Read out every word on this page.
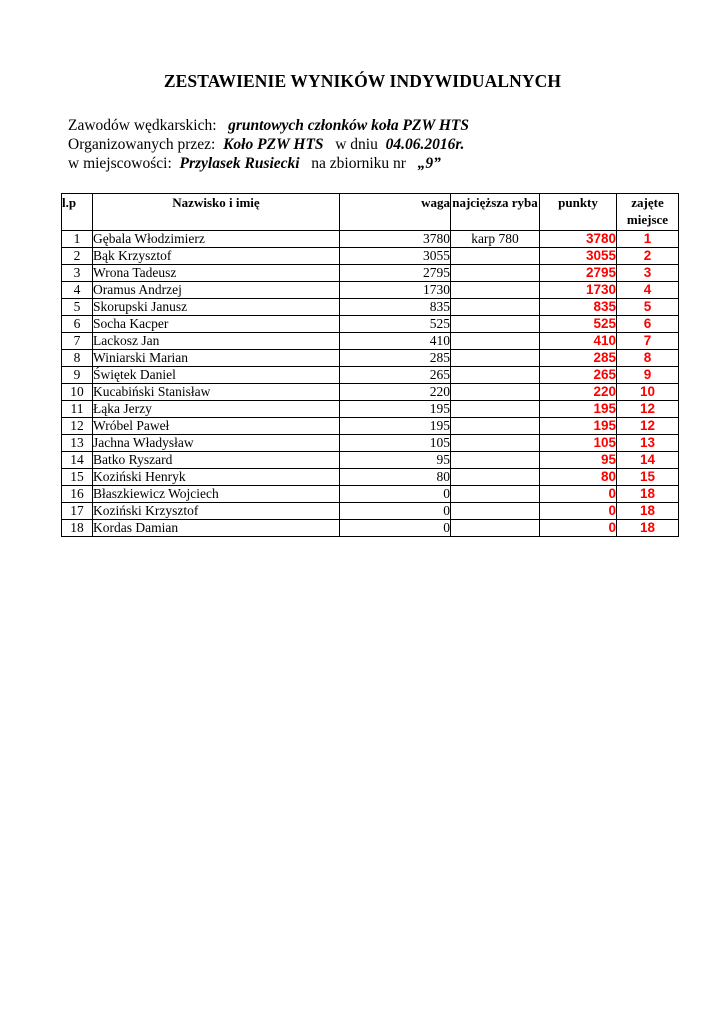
ZESTAWIENIE WYNIKÓW INDYWIDUALNYCH
Zawodów wędkarskich: gruntowych członków koła PZW HTS
Organizowanych przez: Koło PZW HTS w dniu 04.06.2016r.
w miejscowości: Przylasek Rusiecki na zbiorniku nr „9”
l.p	Nazwisko i imię	waga	najcięższa ryba	punkty	zajęte miejsce
1	Gębala Włodzimierz	3780	karp 780	3780	1
2	Bąk Krzysztof	3055		3055	2
3	Wrona Tadeusz	2795		2795	3
4	Oramus Andrzej	1730		1730	4
5	Skorupski Janusz	835		835	5
6	Socha Kacper	525		525	6
7	Lackosz Jan	410		410	7
8	Winiarski Marian	285		285	8
9	Świętek Daniel	265		265	9
10	Kucabiński Stanisław	220		220	10
11	Łąka Jerzy	195		195	12
12	Wróbel Paweł	195		195	12
13	Jachna Władysław	105		105	13
14	Batko Ryszard	95		95	14
15	Koziński Henryk	80		80	15
16	Błaszkiewicz Wojciech	0		0	18
17	Koziński Krzysztof	0		0	18
18	Kordas Damian	0		0	18
